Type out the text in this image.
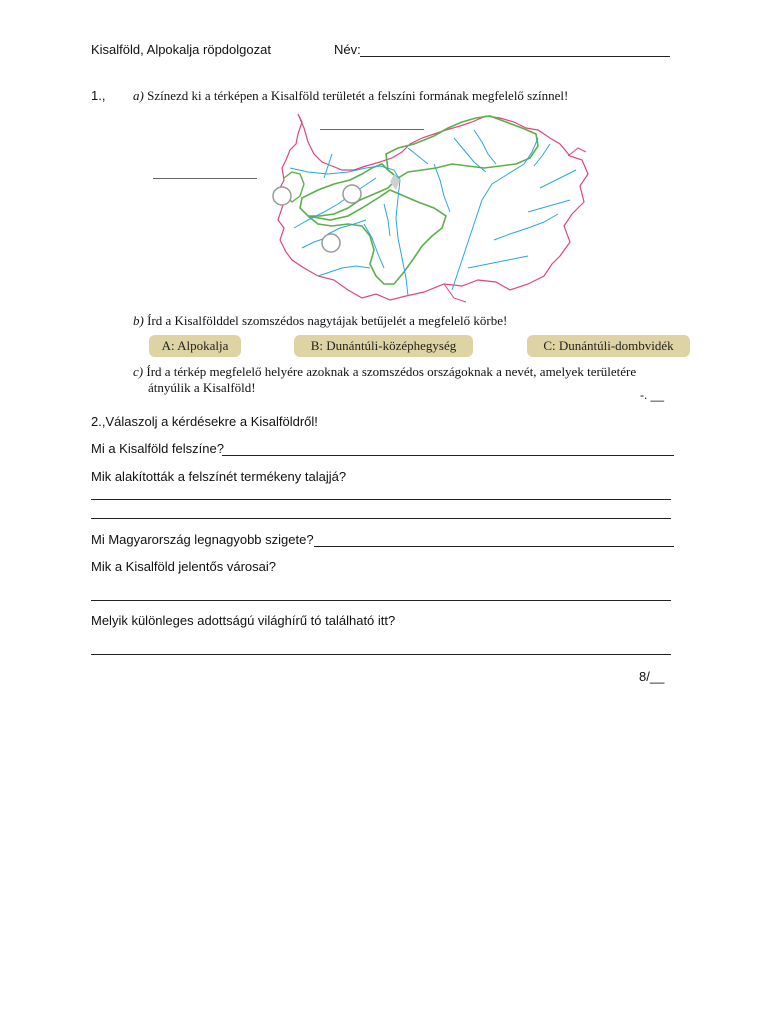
Kisalföld, Alpokalja röpdolgozat	Név:
1., a) Színezd ki a térképen a Kisalföld területét a felszíni formának megfelelő színnel!
b) Írd a Kisalfölddel szomszédos nagytájak betűjelét a megfelelő körbe!
A: Alpokalja	B: Dunántúli-középhegység	C: Dunántúli-dombvidék
c) Írd a térkép megfelelő helyére azoknak a szomszédos országoknak a nevét, amelyek területére
átnyúlik a Kisalföld!	-. __
2.,Válaszolj a kérdésekre a Kisalföldről!
Mi a Kisalföld felszíne?
Mik alakították a felszínét termékeny talajjá?
Mi Magyarország legnagyobb szigete?
Mik a Kisalföld jelentős városai?
Melyik különleges adottságú világhírű tó található itt?
8/__
